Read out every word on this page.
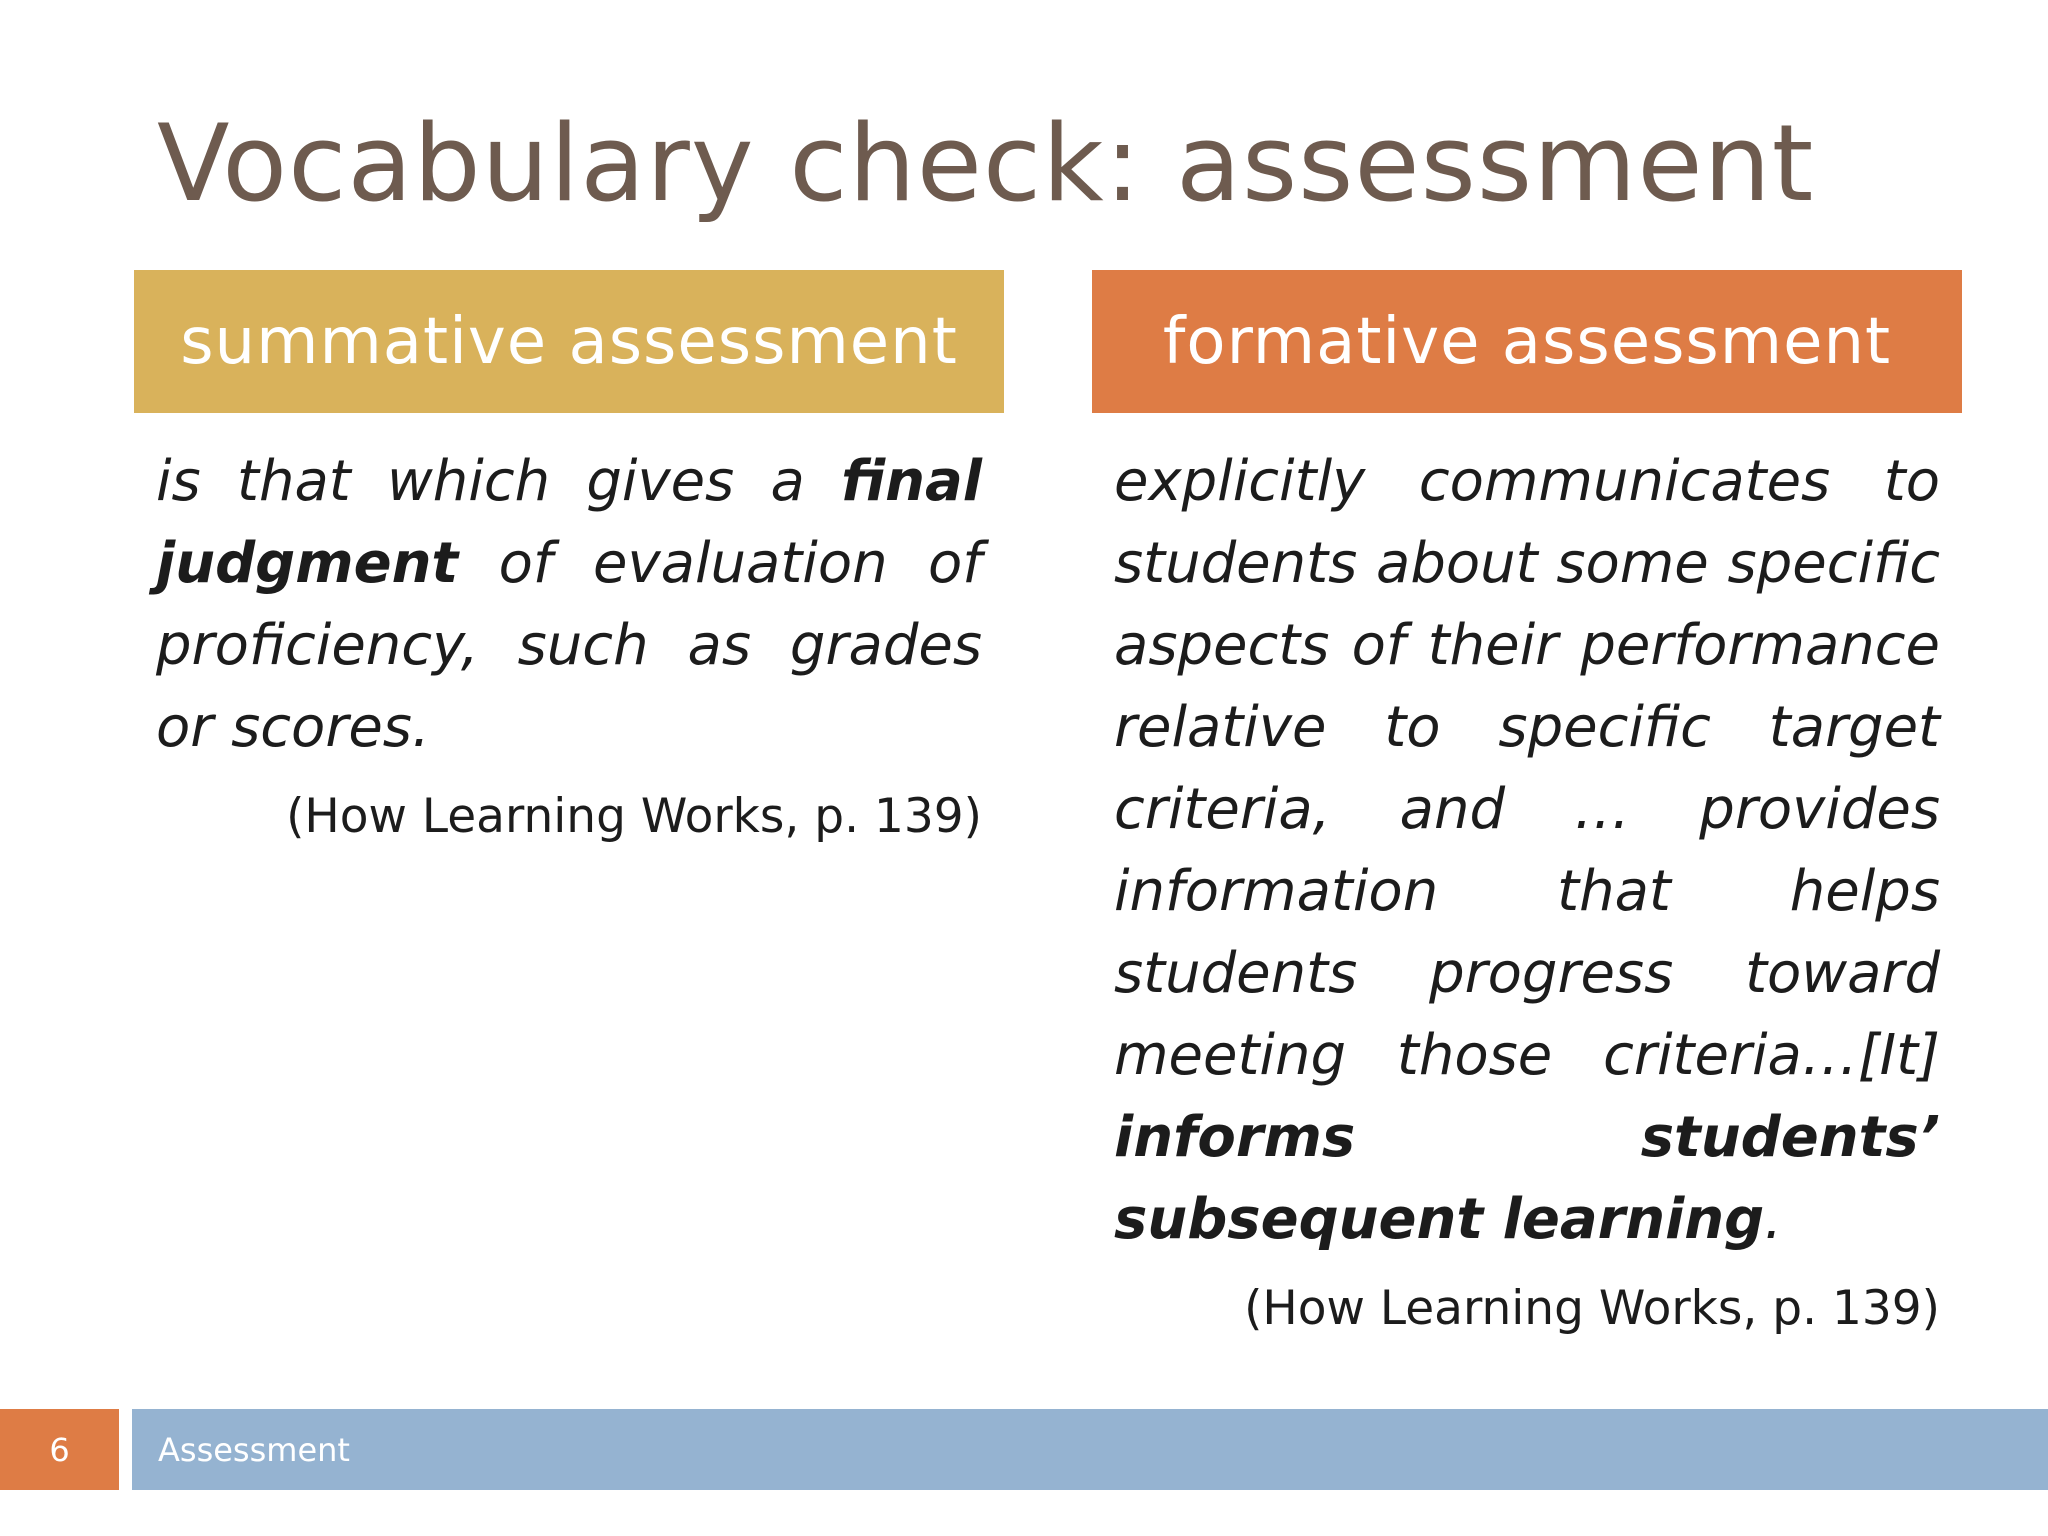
Vocabulary check: assessment
summative assessment

is that which gives a final judgment of evaluation of proficiency, such as grades or scores.

(How Learning Works, p. 139)
formative assessment

explicitly communicates to students about some specific aspects of their performance relative to specific target criteria, and … provides information that helps students progress toward meeting those criteria…[It] informs students’ subsequent learning.

(How Learning Works, p. 139)
6	Assessment
